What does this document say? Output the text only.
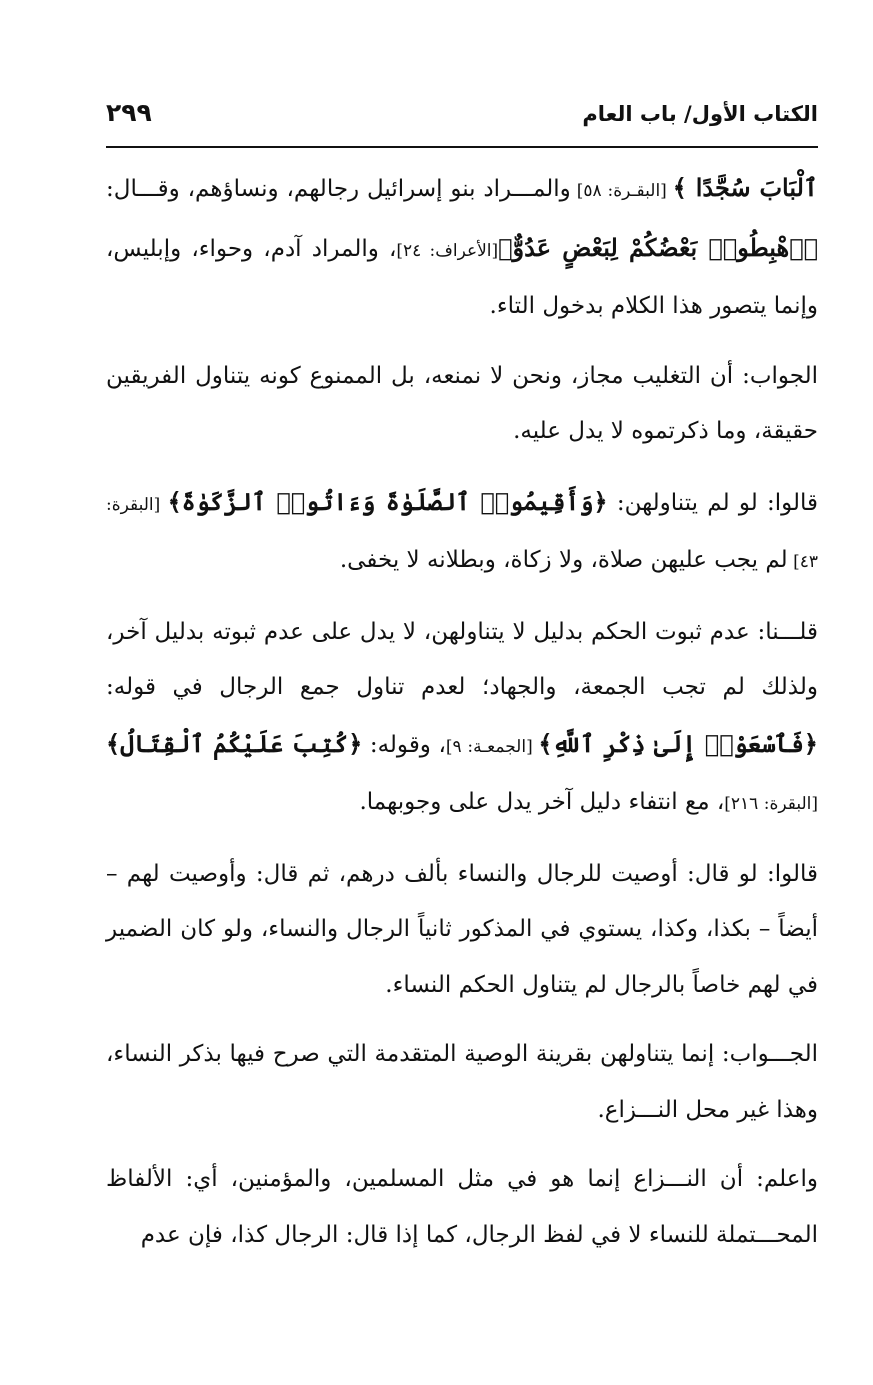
الكتاب الأول/ باب العام
٢٩٩

ٱلْبَابَ سُجَّدًا ﴾ [البقـرة: ٥٨] والمـــراد بنو إسرائيل رجالهم، ونساؤهم، وقـــال: ﴿ٱهْبِطُوا۟ بَعْضُكُمْ لِبَعْضٍ عَدُوٌّ﴾[الأعراف: ٢٤]، والمراد آدم، وحواء، وإبليس، وإنما يتصور هذا الكلام بدخول التاء.

الجواب: أن التغليب مجاز، ونحن لا نمنعه، بل الممنوع كونه يتناول الفريقين حقيقة، وما ذكرتموه لا يدل عليه.

قالوا: لو لم يتناولهن: ﴿وَأَقِيمُوا۟ ٱلصَّلَوٰةَ وَءَاتُوا۟ ٱلزَّكَوٰةَ﴾ [البقرة: ٤٣] لم يجب عليهن صلاة، ولا زكاة، وبطلانه لا يخفى.

قلـــنا: عدم ثبوت الحكم بدليل لا يتناولهن، لا يدل على عدم ثبوته بدليل آخر، ولذلك لم تجب الجمعة، والجهاد؛ لعدم تناول جمع الرجال في قوله: ﴿فَٱسْعَوْا۟ إِلَىٰ ذِكْرِ ٱللَّهِ﴾ [الجمعـة: ٩]، وقوله: ﴿كُتِبَ عَلَيْكُمُ ٱلْقِتَالُ﴾ [البقرة: ٢١٦]، مع انتفاء دليل آخر يدل على وجوبهما.

قالوا: لو قال: أوصيت للرجال والنساء بألف درهم، ثم قال: وأوصيت لهم – أيضاً – بكذا، وكذا، يستوي في المذكور ثانياً الرجال والنساء، ولو كان الضمير في لهم خاصاً بالرجال لم يتناول الحكم النساء.

الجـــواب: إنما يتناولهن بقرينة الوصية المتقدمة التي صرح فيها بذكر النساء، وهذا غير محل النـــزاع.

واعلم: أن النـــزاع إنما هو في مثل المسلمين، والمؤمنين، أي: الألفاظ المحـــتملة للنساء لا في لفظ الرجال، كما إذا قال: الرجال كذا، فإن عدم
